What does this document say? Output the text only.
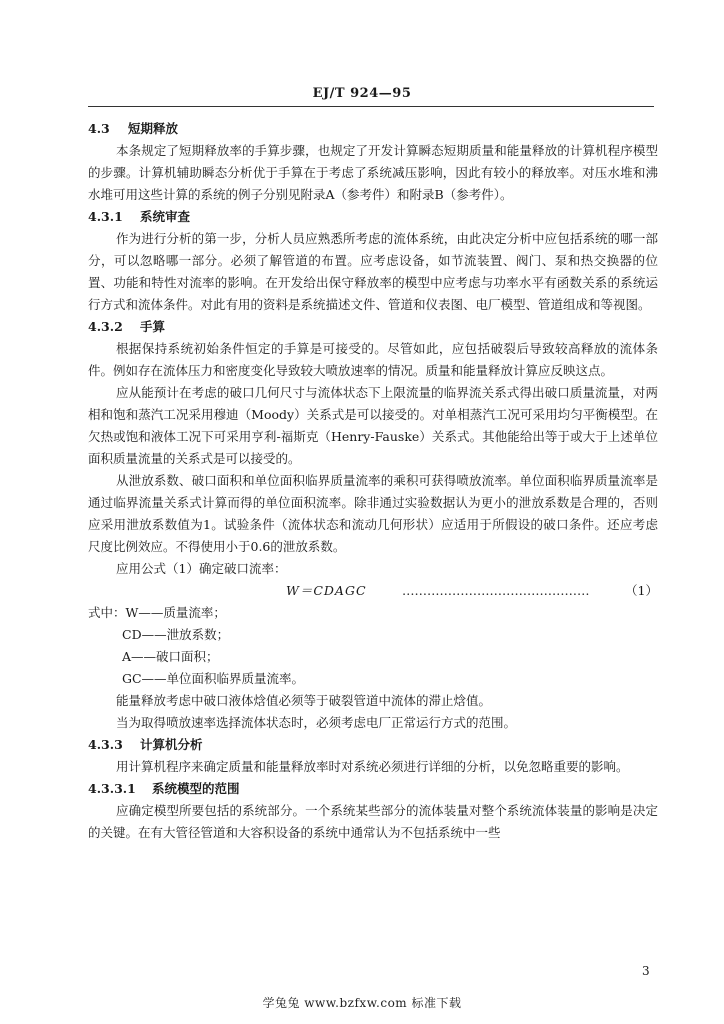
EJ/T 924—95

4.3 短期释放

本条规定了短期释放率的手算步骤，也规定了开发计算瞬态短期质量和能量释放的计算机程序模型的步骤。计算机辅助瞬态分析优于手算在于考虑了系统减压影响，因此有较小的释放率。对压水堆和沸水堆可用这些计算的系统的例子分别见附录A（参考件）和附录B（参考件）。

4.3.1 系统审查

作为进行分析的第一步，分析人员应熟悉所考虑的流体系统，由此决定分析中应包括系统的哪一部分，可以忽略哪一部分。必须了解管道的布置。应考虑设备，如节流装置、阀门、泵和热交换器的位置、功能和特性对流率的影响。在开发给出保守释放率的模型中应考虑与功率水平有函数关系的系统运行方式和流体条件。对此有用的资料是系统描述文件、管道和仪表图、电厂模型、管道组成和等视图。

4.3.2 手算

根据保持系统初始条件恒定的手算是可接受的。尽管如此，应包括破裂后导致较高释放的流体条件。例如存在流体压力和密度变化导致较大喷放速率的情况。质量和能量释放计算应反映这点。

应从能预计在考虑的破口几何尺寸与流体状态下上限流量的临界流关系式得出破口质量流量，对两相和饱和蒸汽工况采用穆迪（Moody）关系式是可以接受的。对单相蒸汽工况可采用均匀平衡模型。在欠热或饱和液体工况下可采用亨利-福斯克（Henry-Fauske）关系式。其他能给出等于或大于上述单位面积质量流量的关系式是可以接受的。

从泄放系数、破口面积和单位面积临界质量流率的乘积可获得喷放流率。单位面积临界质量流率是通过临界流量关系式计算而得的单位面积流率。除非通过实验数据认为更小的泄放系数是合理的，否则应采用泄放系数值为1。试验条件（流体状态和流动几何形状）应适用于所假设的破口条件。还应考虑尺度比例效应。不得使用小于0.6的泄放系数。

应用公式（1）确定破口流率：

W＝CDAGC	………………………………………	（1）

式中：W——质量流率；

CD——泄放系数；

A——破口面积；

GC——单位面积临界质量流率。

能量释放考虑中破口液体焓值必须等于破裂管道中流体的滞止焓值。

当为取得喷放速率选择流体状态时，必须考虑电厂正常运行方式的范围。

4.3.3 计算机分析

用计算机程序来确定质量和能量释放率时对系统必须进行详细的分析，以免忽略重要的影响。

4.3.3.1 系统模型的范围

应确定模型所要包括的系统部分。一个系统某些部分的流体装量对整个系统流体装量的影响是决定的关键。在有大管径管道和大容积设备的系统中通常认为不包括系统中一些

3
学兔兔 www.bzfxw.com 标准下载
